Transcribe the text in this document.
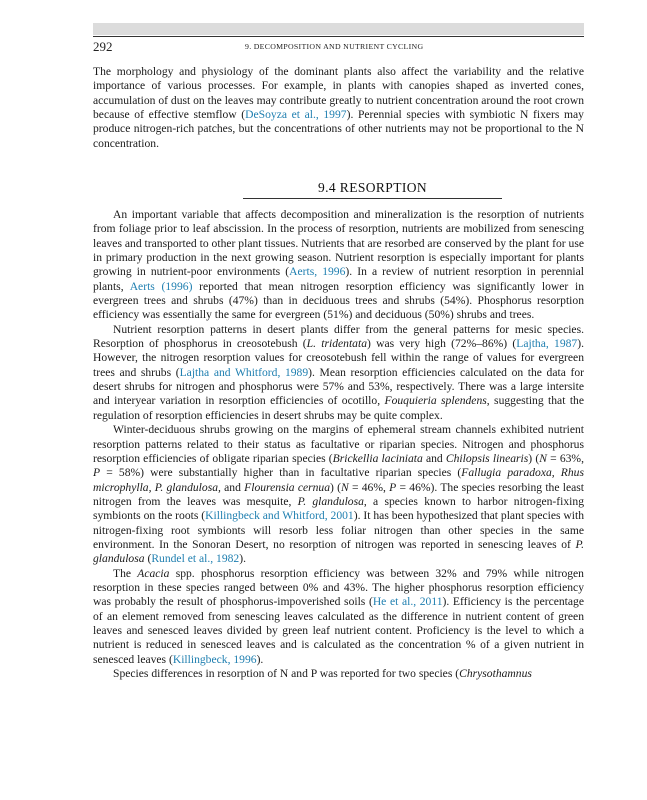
292	9. DECOMPOSITION AND NUTRIENT CYCLING

The morphology and physiology of the dominant plants also affect the variability and the relative importance of various processes. For example, in plants with canopies shaped as inverted cones, accumulation of dust on the leaves may contribute greatly to nutrient concentration around the root crown because of effective stemflow (DeSoyza et al., 1997). Perennial species with symbiotic N fixers may produce nitrogen-rich patches, but the concentrations of other nutrients may not be proportional to the N concentration.

9.4 RESORPTION

An important variable that affects decomposition and mineralization is the resorption of nutrients from foliage prior to leaf abscission. In the process of resorption, nutrients are mobilized from senescing leaves and transported to other plant tissues. Nutrients that are resorbed are conserved by the plant for use in primary production in the next growing season. Nutrient resorption is especially important for plants growing in nutrient-poor environments (Aerts, 1996). In a review of nutrient resorption in perennial plants, Aerts (1996) reported that mean nitrogen resorption efficiency was significantly lower in evergreen trees and shrubs (47%) than in deciduous trees and shrubs (54%). Phosphorus resorption efficiency was essentially the same for evergreen (51%) and deciduous (50%) shrubs and trees.

Nutrient resorption patterns in desert plants differ from the general patterns for mesic species. Resorption of phosphorus in creosotebush (L. tridentata) was very high (72%–86%) (Lajtha, 1987). However, the nitrogen resorption values for creosotebush fell within the range of values for evergreen trees and shrubs (Lajtha and Whitford, 1989). Mean resorption efficiencies calculated on the data for desert shrubs for nitrogen and phosphorus were 57% and 53%, respectively. There was a large intersite and interyear variation in resorption efficiencies of ocotillo, Fouquieria splendens, suggesting that the regulation of resorption efficiencies in desert shrubs may be quite complex.

Winter-deciduous shrubs growing on the margins of ephemeral stream channels exhibited nutrient resorption patterns related to their status as facultative or riparian species. Nitrogen and phosphorus resorption efficiencies of obligate riparian species (Brickellia laciniata and Chilopsis linearis) (N = 63%, P = 58%) were substantially higher than in facultative riparian species (Fallugia paradoxa, Rhus microphylla, P. glandulosa, and Flourensia cernua) (N = 46%, P = 46%). The species resorbing the least nitrogen from the leaves was mesquite, P. glandulosa, a species known to harbor nitrogen-fixing symbionts on the roots (Killingbeck and Whitford, 2001). It has been hypothesized that plant species with nitrogen-fixing root symbionts will resorb less foliar nitrogen than other species in the same environment. In the Sonoran Desert, no resorption of nitrogen was reported in senescing leaves of P. glandulosa (Rundel et al., 1982).

The Acacia spp. phosphorus resorption efficiency was between 32% and 79% while nitrogen resorption in these species ranged between 0% and 43%. The higher phosphorus resorption efficiency was probably the result of phosphorus-impoverished soils (He et al., 2011). Efficiency is the percentage of an element removed from senescing leaves calculated as the difference in nutrient content of green leaves and senesced leaves divided by green leaf nutrient content. Proficiency is the level to which a nutrient is reduced in senesced leaves and is calculated as the concentration % of a given nutrient in senesced leaves (Killingbeck, 1996).

Species differences in resorption of N and P was reported for two species (Chrysothamnus
